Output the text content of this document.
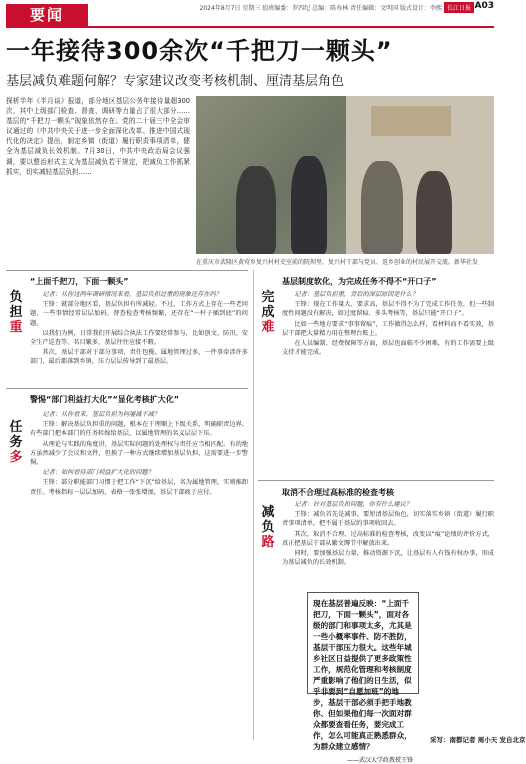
要闻	2024年8月7日 星期三 值班编委：罗四纪 总编：陈寿林 责任编辑：文明国 版式设计：李熙 长江日报 A03
一年接待300余次“千把刀一颗头”
基层减负难题何解？专家建议改变考核机制、厘清基层角色
探析半年《半月谈》报道，部分地区基层公务年接待量超300次，其中上级部门检查、督查、调研等力量占了很大部分……基层的“千把刀一颗头”现象依然存在。党的二十届三中全会审议通过的《中共中央关于进一步全面深化改革、推进中国式现代化的决定》提出，制定乡镇（街道）履行职责事项清单，健全为基层减负长效机制。7月30日，中共中央政治局会议强调，要以整治形式主义为基层减负若干规定，把减负工作抓紧抓实，切实减轻基层负担……
在重庆市武隆区黄莺乡复兴村村史室前的院坝里，复兴村干部与党员、返乡创业的村民展开交流。新华社发
负
担
重
“上面千把刀，下面一颗头”

记者：从你这两年调研情况来看，基层负担过重的现象还存在吗？

王锋：就部分地区看，基层负担有所减轻。不过，工作方式上存在一些老问题，一些事情经常层层加码，督查检查考核频繁，还存在“一杆子插到底”的问题。

以我们为例，日常我们开展综合执法工作要经常参与，比如创文、防汛、安全生产巡查等，名目繁多，基层往往应接不暇。

其次，基层干部对于部分事项，责任包揽、属地管理过多，一件事牵涉许多部门，最后都落到乡镇，压力层层传导到了最基层。

任
务
多
警惕“部门利益打大化”“显化考核扩大化”

记者：从你看来，基层负担为何屡减不减？

王锋：解决基层负担重的问题，根本在于理顺上下级关系，明确职责边界。有些部门把本部门的任务转嫁给基层，以属地管理的名义层层下压。

从理论与实践的角度讲，基层实际问题的处理权与责任应当相匹配。有的地方虽然减少了会议和文件，但换了一种方式继续增加基层负担，这需要进一步警惕。

记者：如何看待部门利益扩大化的问题？

王锋：部分职能部门习惯于把工作“下沉”给基层，名为属地管理，实则推卸责任。考核指标一层层加码，表格一张张增加，基层干部疲于应付。

完
成
难
基层制度软化，为完成任务不得不“开口子”

记者：基层负担重，背后的深层原因是什么？

王锋：现在工作量大、要求高，基层不得不为了完成工作任务，但一些制度性问题没有解决，如过度留痕、多头考核等，基层只能“开口子”。

比如一些地方要求“事事留痕”，工作做得怎么样，看材料而不看实效，基层干部把大量精力用在整理台账上。

在人员编制、经费保障等方面，基层也面临不少困难，有的工作需要上级支持才能完成。

减
负
路
取消不合理过高标准的检查考核

记者：针对基层负担问题，你有什么建议？

王锋：减负首先是减事，要厘清基层角色，切实落实乡镇（街道）履行职责事项清单，把不属于基层的事项收回去。

其次，取消不合理、过高标准的检查考核，改变以“痕”论绩的评价方式，真正把基层干部从繁文缛节中解放出来。

同时，要加强基层力量，推动资源下沉，让基层有人有钱有权办事，形成为基层减负的长效机制。

现在基层普遍反映：“上面千把刀，下面一颗头”，面对各级的部门和事项太多，尤其是一些小概率事件、防不胜防，基层干部压力很大。这些年城乡社区日益提供了更多政策性工作，规范化管理和考核制度严重影响了他们的日生活，似乎非要到“自愿加班”的地步，基层干部必须手把手地教你、但如果他们每一次面对群众都要查看任务，要完成工作，怎么可能真正熟悉群众，为群众建立感情？
——武汉大学政教授王锋
采写：南都记者 周小天 发自北京
